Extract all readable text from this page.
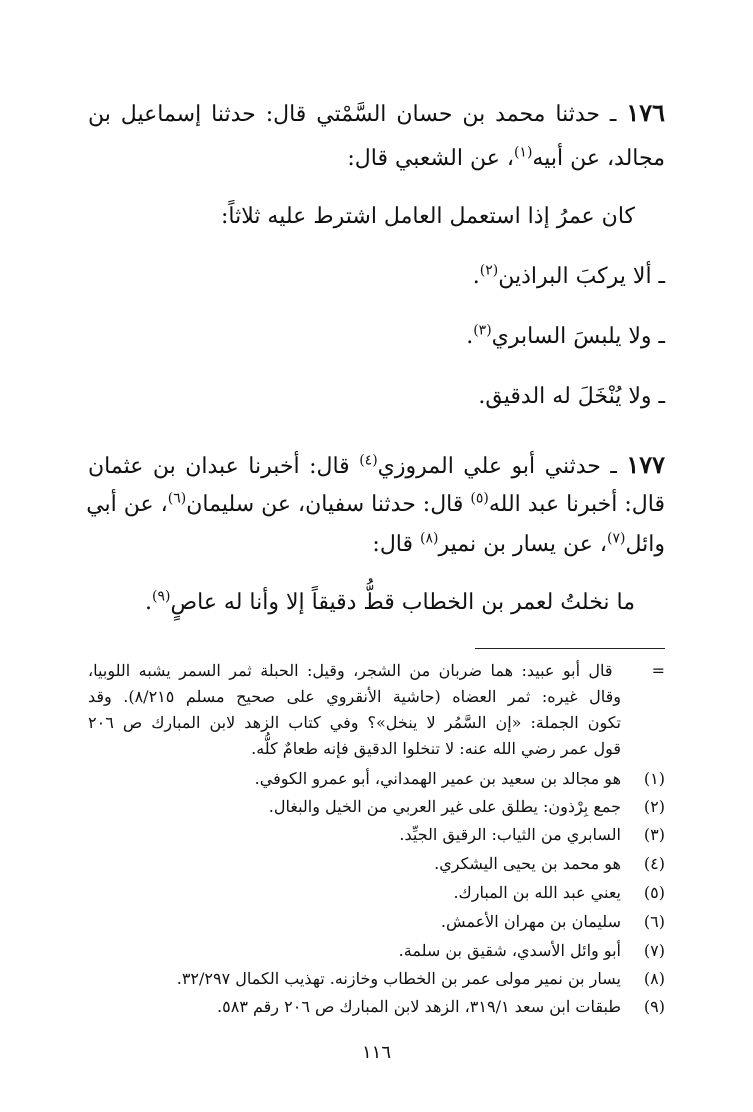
١٧٦ ـ حدثنا محمد بن حسان السَّمْتي قال: حدثنا إسماعيل بن
مجالد، عن أبيه$^{(١)}$، عن الشعبي قال:
كان عمرُ إذا استعمل العامل اشترط عليه ثلاثاً:
ـ ألا يركبَ البراذين$^{(٢)}$.
ـ ولا يلبسَ السابري$^{(٣)}$.
ـ ولا يُنْخَلَ له الدقيق.
١٧٧ ـ حدثني أبو علي المروزي$^{(٤)}$ قال: أخبرنا عبدان بن عثمان
قال: أخبرنا عبد الله$^{(٥)}$ قال: حدثنا سفيان، عن سليمان$^{(٦)}$، عن أبي
وائل$^{(٧)}$، عن يسار بن نمير$^{(٨)}$ قال:
ما نخلتُ لعمر بن الخطاب قطُّ دقيقاً إلا وأنا له عاصٍ$^{(٩)}$.
= قال أبو عبيد: هما ضربان من الشجر، وقيل: الحبلة ثمر السمر يشبه اللوبيا،
وقال غيره: ثمر العضاه (حاشية الأنقروي على صحيح مسلم ٨/٢١٥). وقد
تكون الجملة: «إن السَّمُر لا ينخل»؟ وفي كتاب الزهد لابن المبارك ص ٢٠٦
قول عمر رضي الله عنه: لا تنخلوا الدقيق فإنه طعامٌ كلُّه.
(١)هو مجالد بن سعيد بن عمير الهمداني، أبو عمرو الكوفي.
(٢)جمع بِرْذون: يطلق على غير العربي من الخيل والبغال.
(٣)السابري من الثياب: الرقيق الجيِّد.
(٤)هو محمد بن يحيى اليشكري.
(٥)يعني عبد الله بن المبارك.
(٦)سليمان بن مهران الأعمش.
(٧)أبو وائل الأسدي، شقيق بن سلمة.
(٨)يسار بن نمير مولى عمر بن الخطاب وخازنه. تهذيب الكمال ٣٢/٢٩٧.
(٩)طبقات ابن سعد ٣١٩/١، الزهد لابن المبارك ص ٢٠٦ رقم ٥٨٣.
١١٦
